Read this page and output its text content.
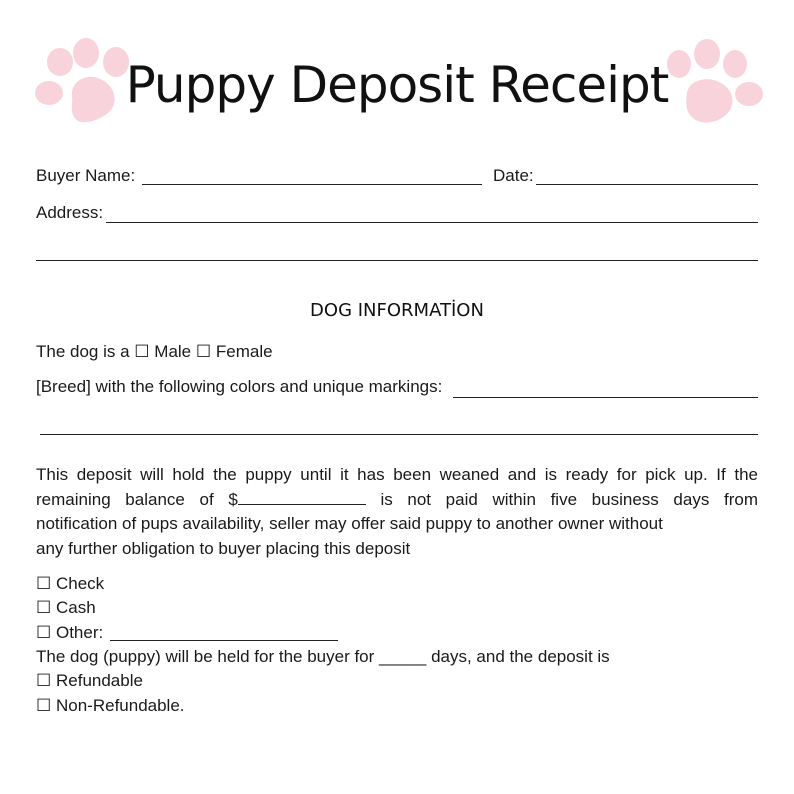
Puppy Deposit Receipt
Buyer Name:	Date:
Address:
DOG INFORMATİON
The dog is a ☐ Male ☐ Female
[Breed] with the following colors and unique markings:
This deposit will hold the puppy until it has been weaned and is ready for pick up. If the
remaining balance of $	is not paid within five business days from
notification of pups availability, seller may offer said puppy to another owner without
any further obligation to buyer placing this deposit
☐ Check
☐ Cash
☐ Other:
The dog (puppy) will be held for the buyer for _____ days, and the deposit is
☐ Refundable
☐ Non-Refundable.
